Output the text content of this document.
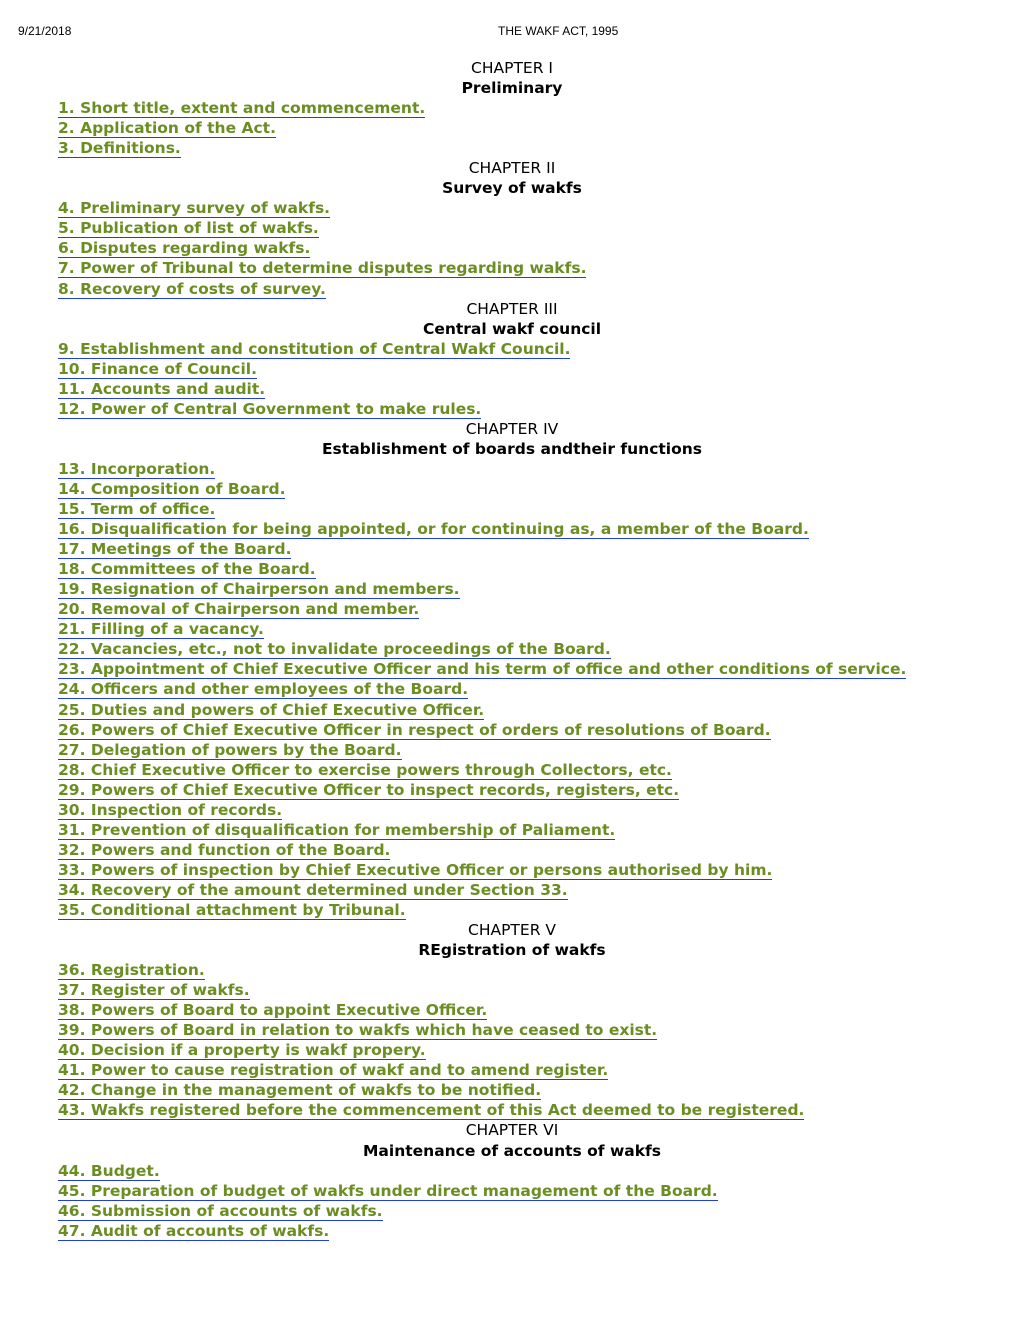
9/21/2018	THE WAKF ACT, 1995
CHAPTER I
Preliminary
1. Short title, extent and commencement.
2. Application of the Act.
3. Definitions.
CHAPTER II
Survey of wakfs
4. Preliminary survey of wakfs.
5. Publication of list of wakfs.
6. Disputes regarding wakfs.
7. Power of Tribunal to determine disputes regarding wakfs.
8. Recovery of costs of survey.
CHAPTER III
Central wakf council
9. Establishment and constitution of Central Wakf Council.
10. Finance of Council.
11. Accounts and audit.
12. Power of Central Government to make rules.
CHAPTER IV
Establishment of boards andtheir functions
13. Incorporation.
14. Composition of Board.
15. Term of office.
16. Disqualification for being appointed, or for continuing as, a member of the Board.
17. Meetings of the Board.
18. Committees of the Board.
19. Resignation of Chairperson and members.
20. Removal of Chairperson and member.
21. Filling of a vacancy.
22. Vacancies, etc., not to invalidate proceedings of the Board.
23. Appointment of Chief Executive Officer and his term of office and other conditions of service.
24. Officers and other employees of the Board.
25. Duties and powers of Chief Executive Officer.
26. Powers of Chief Executive Officer in respect of orders of resolutions of Board.
27. Delegation of powers by the Board.
28. Chief Executive Officer to exercise powers through Collectors, etc.
29. Powers of Chief Executive Officer to inspect records, registers, etc.
30. Inspection of records.
31. Prevention of disqualification for membership of Paliament.
32. Powers and function of the Board.
33. Powers of inspection by Chief Executive Officer or persons authorised by him.
34. Recovery of the amount determined under Section 33.
35. Conditional attachment by Tribunal.
CHAPTER V
REgistration of wakfs
36. Registration.
37. Register of wakfs.
38. Powers of Board to appoint Executive Officer.
39. Powers of Board in relation to wakfs which have ceased to exist.
40. Decision if a property is wakf propery.
41. Power to cause registration of wakf and to amend register.
42. Change in the management of wakfs to be notified.
43. Wakfs registered before the commencement of this Act deemed to be registered.
CHAPTER VI
Maintenance of accounts of wakfs
44. Budget.
45. Preparation of budget of wakfs under direct management of the Board.
46. Submission of accounts of wakfs.
47. Audit of accounts of wakfs.
